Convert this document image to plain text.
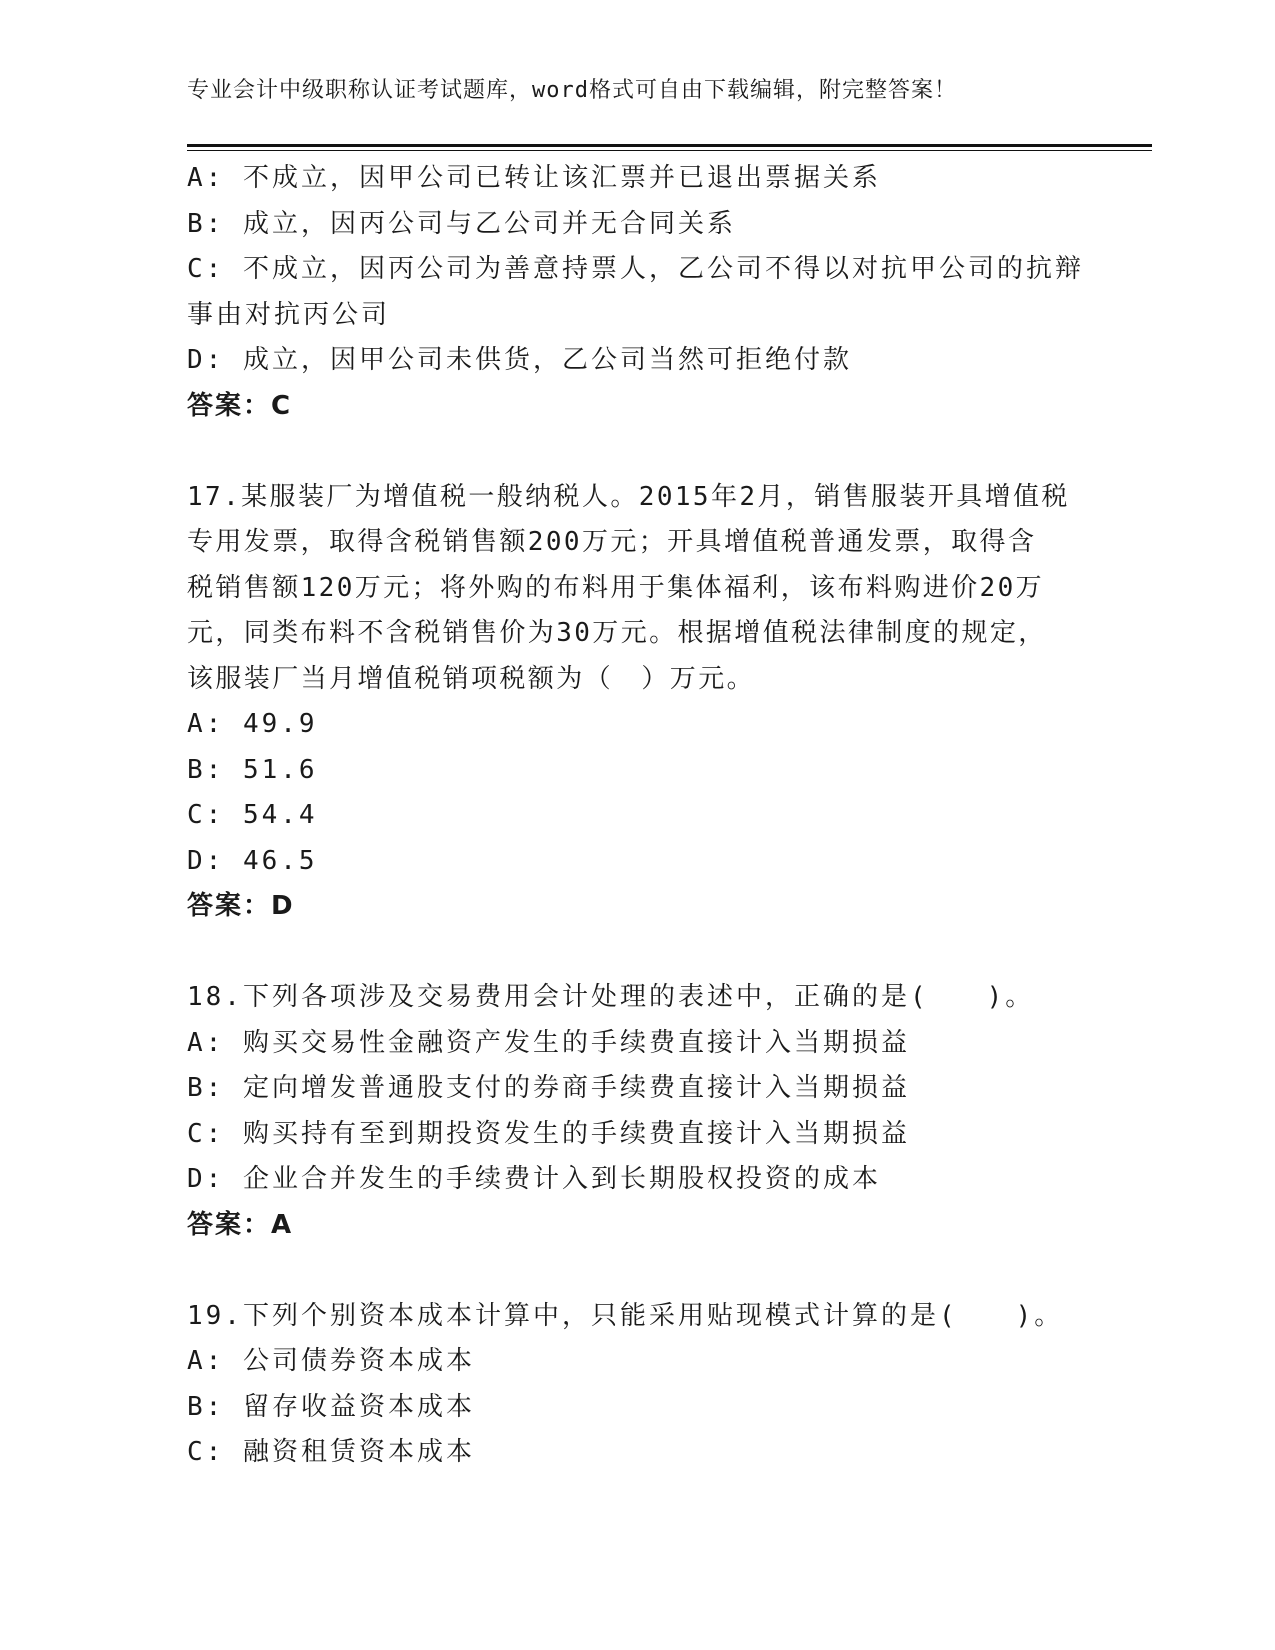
专业会计中级职称认证考试题库，word格式可自由下载编辑，附完整答案！
A: 不成立，因甲公司已转让该汇票并已退出票据关系
B: 成立，因丙公司与乙公司并无合同关系
C: 不成立，因丙公司为善意持票人，乙公司不得以对抗甲公司的抗辩
事由对抗丙公司
D: 成立，因甲公司未供货，乙公司当然可拒绝付款
答案：C
17.某服装厂为增值税一般纳税人。2015年2月，销售服装开具增值税
专用发票，取得含税销售额200万元；开具增值税普通发票，取得含
税销售额120万元；将外购的布料用于集体福利，该布料购进价20万
元，同类布料不含税销售价为30万元。根据增值税法律制度的规定，
该服装厂当月增值税销项税额为（　）万元。
A: 49.9
B: 51.6
C: 54.4
D: 46.5
答案：D
18.下列各项涉及交易费用会计处理的表述中，正确的是(　　)。
A: 购买交易性金融资产发生的手续费直接计入当期损益
B: 定向增发普通股支付的券商手续费直接计入当期损益
C: 购买持有至到期投资发生的手续费直接计入当期损益
D: 企业合并发生的手续费计入到长期股权投资的成本
答案：A
19.下列个别资本成本计算中，只能采用贴现模式计算的是(　　)。
A: 公司债券资本成本
B: 留存收益资本成本
C: 融资租赁资本成本
